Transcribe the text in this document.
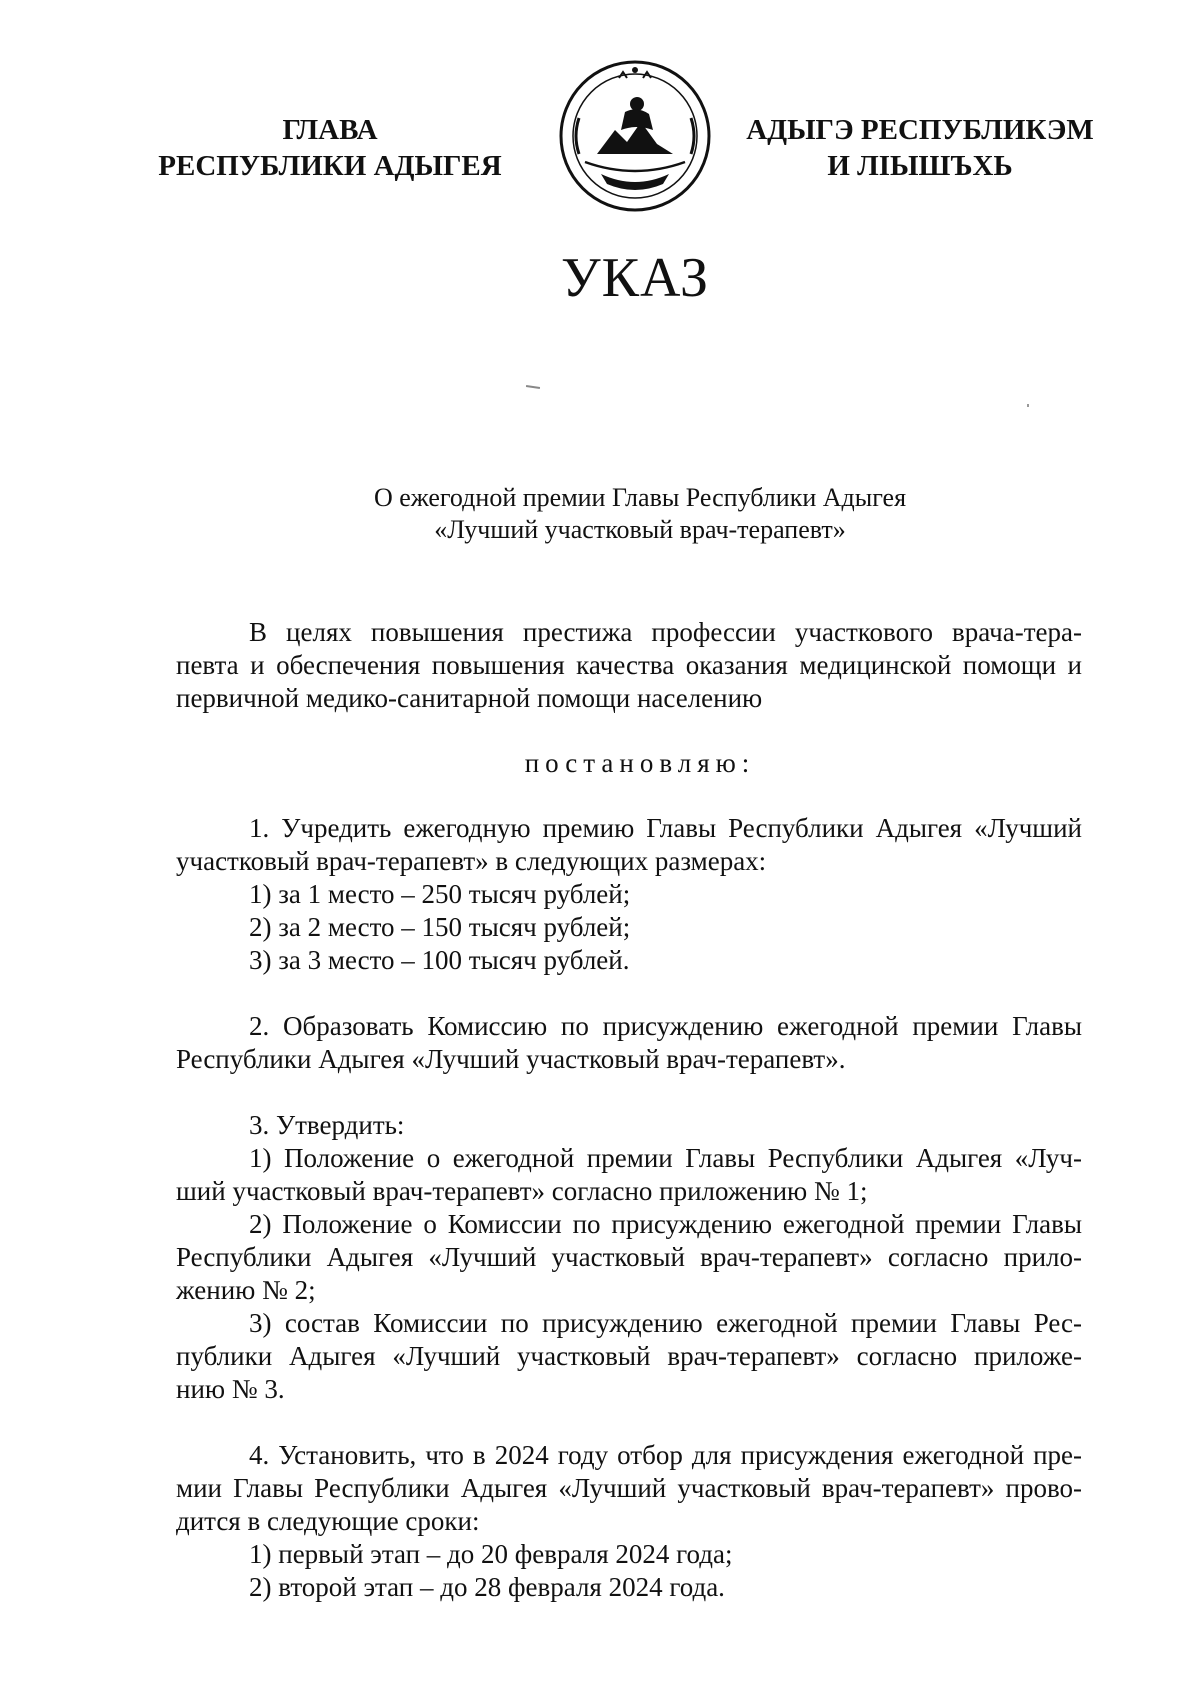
ГЛАВА
РЕСПУБЛИКИ АДЫГЕЯ
АДЫГЭ РЕСПУБЛИКЭМ
И ЛІЫШЪХЬ
УКАЗ
О ежегодной премии Главы Республики Адыгея
«Лучший участковый врач-терапевт»
В целях повышения престижа профессии участкового врача-тера-
певта и обеспечения повышения качества оказания медицинской помощи и
первичной медико-санитарной помощи населению
постановляю:
1. Учредить ежегодную премию Главы Республики Адыгея «Лучший
участковый врач-терапевт» в следующих размерах:
1) за 1 место – 250 тысяч рублей;
2) за 2 место – 150 тысяч рублей;
3) за 3 место – 100 тысяч рублей.
2. Образовать Комиссию по присуждению ежегодной премии Главы
Республики Адыгея «Лучший участковый врач-терапевт».
3. Утвердить:
1) Положение о ежегодной премии Главы Республики Адыгея «Луч-
ший участковый врач-терапевт» согласно приложению № 1;
2) Положение о Комиссии по присуждению ежегодной премии Главы
Республики Адыгея «Лучший участковый врач-терапевт» согласно прило-
жению № 2;
3) состав Комиссии по присуждению ежегодной премии Главы Рес-
публики Адыгея «Лучший участковый врач-терапевт» согласно приложе-
нию № 3.
4. Установить, что в 2024 году отбор для присуждения ежегодной пре-
мии Главы Республики Адыгея «Лучший участковый врач-терапевт» прово-
дится в следующие сроки:
1) первый этап – до 20 февраля 2024 года;
2) второй этап – до 28 февраля 2024 года.
